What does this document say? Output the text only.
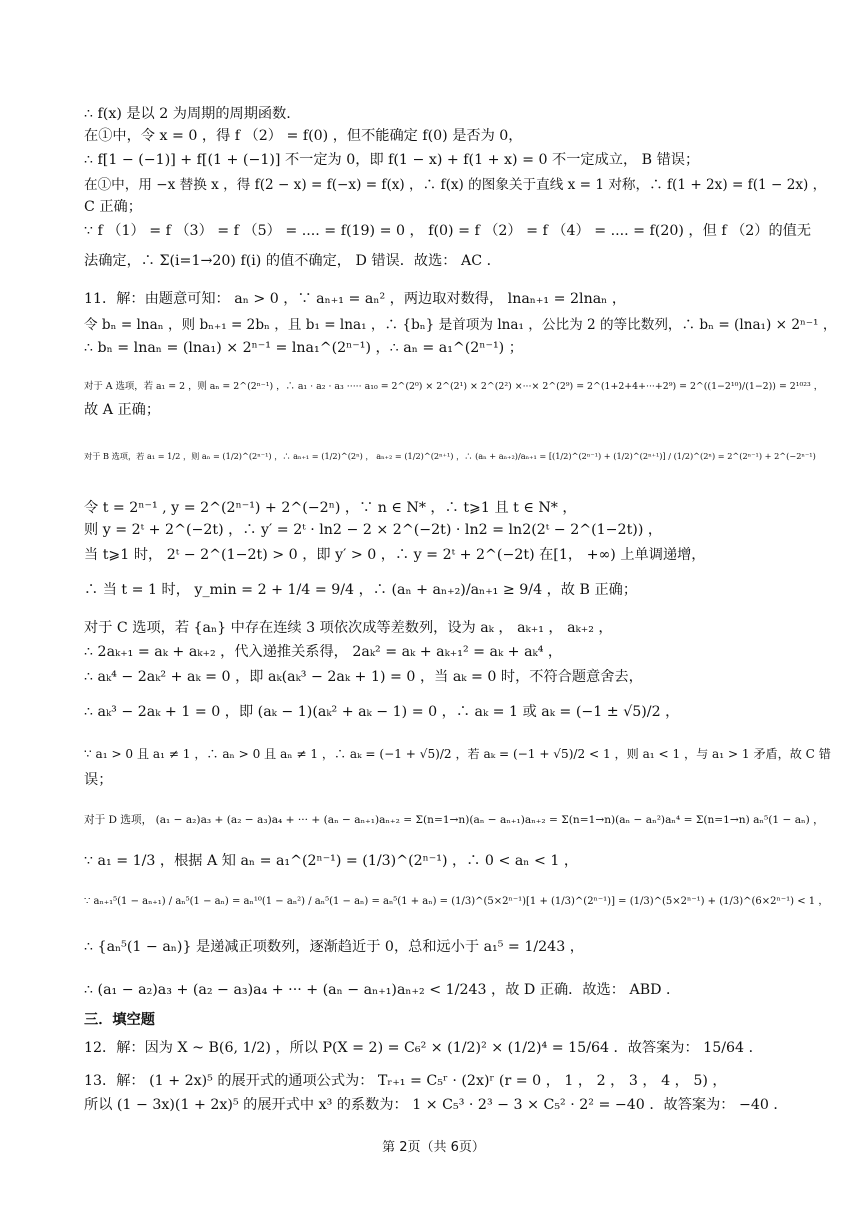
∴ f(x) 是以 2 为周期的周期函数.
在①中，令 x = 0 ，得 f （2） = f(0) ，但不能确定 f(0) 是否为 0，
∴ f[1 − (−1)] + f[(1 + (−1)] 不一定为 0，即 f(1 − x) + f(1 + x) = 0 不一定成立， B 错误；
在①中，用 −x 替换 x ，得 f(2 − x) = f(−x) = f(x) ，∴ f(x) 的图象关于直线 x = 1 对称，∴ f(1 + 2x) = f(1 − 2x) ，
C 正确；
∵ f （1） = f （3） = f （5） = .... = f(19) = 0 ， f(0) = f （2） = f （4） = .... = f(20) ，但 f （2）的值无
法确定，∴ Σ(i=1→20) f(i) 的值不确定， D 错误．故选： AC ．
11．解：由题意可知： aₙ > 0 ，∵ aₙ₊₁ = aₙ² ，两边取对数得， lnaₙ₊₁ = 2lnaₙ ，
令 bₙ = lnaₙ ，则 bₙ₊₁ = 2bₙ ，且 b₁ = lna₁ ，∴ {bₙ} 是首项为 lna₁ ，公比为 2 的等比数列，∴ bₙ = (lna₁) × 2ⁿ⁻¹ ，
∴ bₙ = lnaₙ = (lna₁) × 2ⁿ⁻¹ = lna₁^(2ⁿ⁻¹) ，∴ aₙ = a₁^(2ⁿ⁻¹) ；
对于 A 选项，若 a₁ = 2 ，则 aₙ = 2^(2ⁿ⁻¹) ，∴ a₁ · a₂ · a₃ ····· a₁₀ = 2^(2⁰) × 2^(2¹) × 2^(2²) ×···× 2^(2⁹) = 2^(1+2+4+···+2⁹) = 2^((1−2¹⁰)/(1−2)) = 2¹⁰²³ ，
故 A 正确；
对于 B 选项，若 a₁ = 1/2 ，则 aₙ = (1/2)^(2ⁿ⁻¹) ，∴ aₙ₊₁ = (1/2)^(2ⁿ) ， aₙ₊₂ = (1/2)^(2ⁿ⁺¹) ，∴ (aₙ + aₙ₊₂)/aₙ₊₁ = [(1/2)^(2ⁿ⁻¹) + (1/2)^(2ⁿ⁺¹)] / (1/2)^(2ⁿ) = 2^(2ⁿ⁻¹) + 2^(−2ⁿ⁻¹)
令 t = 2ⁿ⁻¹ , y = 2^(2ⁿ⁻¹) + 2^(−2ⁿ) ，∵ n ∈ N* ，∴ t⩾1 且 t ∈ N* ，
则 y = 2ᵗ + 2^(−2t) ，∴ y′ = 2ᵗ · ln2 − 2 × 2^(−2t) · ln2 = ln2(2ᵗ − 2^(1−2t)) ，
当 t⩾1 时， 2ᵗ − 2^(1−2t) > 0 ，即 y′ > 0 ，∴ y = 2ᵗ + 2^(−2t) 在[1， +∞) 上单调递增，
∴ 当 t = 1 时， y_min = 2 + 1/4 = 9/4 ，∴ (aₙ + aₙ₊₂)/aₙ₊₁ ≥ 9/4 ，故 B 正确；
对于 C 选项，若 {aₙ} 中存在连续 3 项依次成等差数列，设为 aₖ ， aₖ₊₁ ， aₖ₊₂ ，
∴ 2aₖ₊₁ = aₖ + aₖ₊₂ ，代入递推关系得， 2aₖ² = aₖ + aₖ₊₁² = aₖ + aₖ⁴ ，
∴ aₖ⁴ − 2aₖ² + aₖ = 0 ，即 aₖ(aₖ³ − 2aₖ + 1) = 0 ，当 aₖ = 0 时，不符合题意舍去，
∴ aₖ³ − 2aₖ + 1 = 0 ，即 (aₖ − 1)(aₖ² + aₖ − 1) = 0 ，∴ aₖ = 1 或 aₖ = (−1 ± √5)/2 ，
∵ a₁ > 0 且 a₁ ≠ 1 ，∴ aₙ > 0 且 aₙ ≠ 1 ，∴ aₖ = (−1 + √5)/2 ，若 aₖ = (−1 + √5)/2 < 1 ，则 a₁ < 1 ，与 a₁ > 1 矛盾，故 C 错
误；
对于 D 选项， (a₁ − a₂)a₃ + (a₂ − a₃)a₄ + ··· + (aₙ − aₙ₊₁)aₙ₊₂ = Σ(n=1→n)(aₙ − aₙ₊₁)aₙ₊₂ = Σ(n=1→n)(aₙ − aₙ²)aₙ⁴ = Σ(n=1→n) aₙ⁵(1 − aₙ) ，
∵ a₁ = 1/3 ，根据 A 知 aₙ = a₁^(2ⁿ⁻¹) = (1/3)^(2ⁿ⁻¹) ，∴ 0 < aₙ < 1 ，
∵ aₙ₊₁⁵(1 − aₙ₊₁) / aₙ⁵(1 − aₙ) = aₙ¹⁰(1 − aₙ²) / aₙ⁵(1 − aₙ) = aₙ⁵(1 + aₙ) = (1/3)^(5×2ⁿ⁻¹)[1 + (1/3)^(2ⁿ⁻¹)] = (1/3)^(5×2ⁿ⁻¹) + (1/3)^(6×2ⁿ⁻¹) < 1 ，
∴ {aₙ⁵(1 − aₙ)} 是递减正项数列，逐渐趋近于 0，总和远小于 a₁⁵ = 1/243 ，
∴ (a₁ − a₂)a₃ + (a₂ − a₃)a₄ + ··· + (aₙ − aₙ₊₁)aₙ₊₂ < 1/243 ，故 D 正确．故选： ABD ．
三．填空题
12．解：因为 X ~ B(6, 1/2) ，所以 P(X = 2) = C₆² × (1/2)² × (1/2)⁴ = 15/64 ．故答案为： 15/64 ．
13．解： (1 + 2x)⁵ 的展开式的通项公式为： Tᵣ₊₁ = C₅ʳ · (2x)ʳ (r = 0 ， 1 ， 2 ， 3 ， 4 ， 5) ，
所以 (1 − 3x)(1 + 2x)⁵ 的展开式中 x³ 的系数为： 1 × C₅³ · 2³ − 3 × C₅² · 2² = −40 ．故答案为： −40 ．
第 2页（共 6页）
